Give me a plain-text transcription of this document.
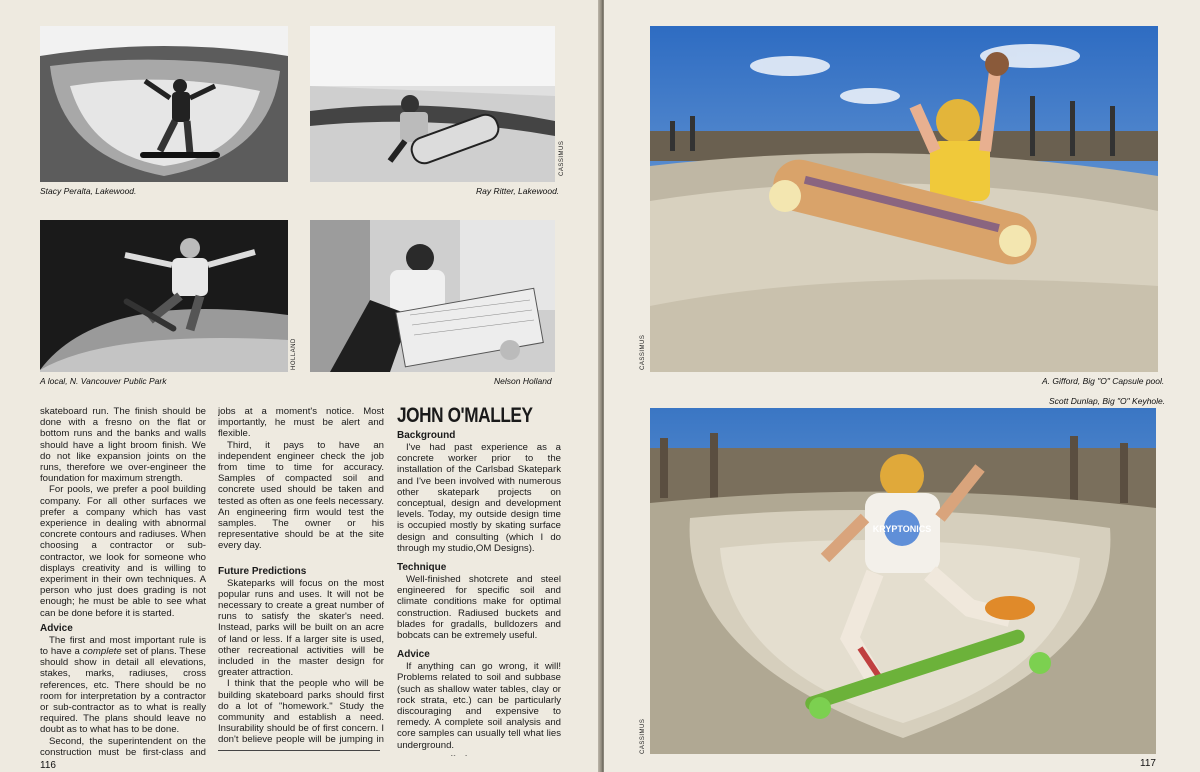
Stacy Peralta, Lakewood.	Ray Ritter, Lakewood.
CASSIMUS
A local, N. Vancouver Public Park
HOLLAND
Nelson Holland

skateboard run. The finish should be done with a fresno on the flat or bottom runs and the banks and walls should have a light broom finish. We do not like expansion joints on the runs, therefore we over-engineer the foundation for maximum strength.

For pools, we prefer a pool building company. For all other surfaces we prefer a company which has vast experience in dealing with abnormal concrete contours and radiuses. When choosing a contractor or sub-contractor, we look for someone who displays creativity and is willing to experiment in their own techniques. A person who just does grading is not enough; he must be able to see what can be done before it is started.

Advice

The first and most important rule is to have a complete set of plans. These should show in detail all elevations, stakes, marks, radiuses, cross references, etc. There should be no room for interpretation by a contractor or sub-contractor as to what is really required. The plans should leave no doubt as to what has to be done.

Second, the superintendent on the construction must be first-class and

jobs at a moment's notice. Most importantly, he must be alert and flexible.

Third, it pays to have an independent engineer check the job from time to time for accuracy. Samples of compacted soil and concrete used should be taken and tested as often as one feels necessary. An engineering firm would test the samples. The owner or his representative should be at the site every day.

Future Predictions

Skateparks will focus on the most popular runs and uses. It will not be necessary to create a great number of runs to satisfy the skater's need. Instead, parks will be built on an acre of land or less. If a larger site is used, other recreational activities will be included in the master design for greater attraction.

I think that the people who will be building skateboard parks should first do a lot of "homework." Study the community and establish a need. Insurability should be of first concern. I don't believe people will be jumping in

JOHN O'MALLEY
Background

I've had past experience as a concrete worker prior to the installation of the Carlsbad Skatepark and I've been involved with numerous other skatepark projects on conceptual, design and development levels. Today, my outside design time is occupied mostly by skating surface design and consulting (which I do through my studio,OM Designs).

Technique

Well-finished shotcrete and steel engineered for specific soil and climate conditions make for optimal construction. Radiused buckets and blades for gradalls, bulldozers and bobcats can be extremely useful.

Advice

If anything can go wrong, it will! Problems related to soil and subbase (such as shallow water tables, clay or rock strata, etc.) can be particularly discouraging and expensive to remedy. A complete soil analysis and core samples can usually tell what lies underground.

116
A. Gifford, Big "O" Capsule pool.
CASSIMUS
Scott Dunlap, Big "O" Keyhole.
KRYPTONICS
CASSIMUS
117
